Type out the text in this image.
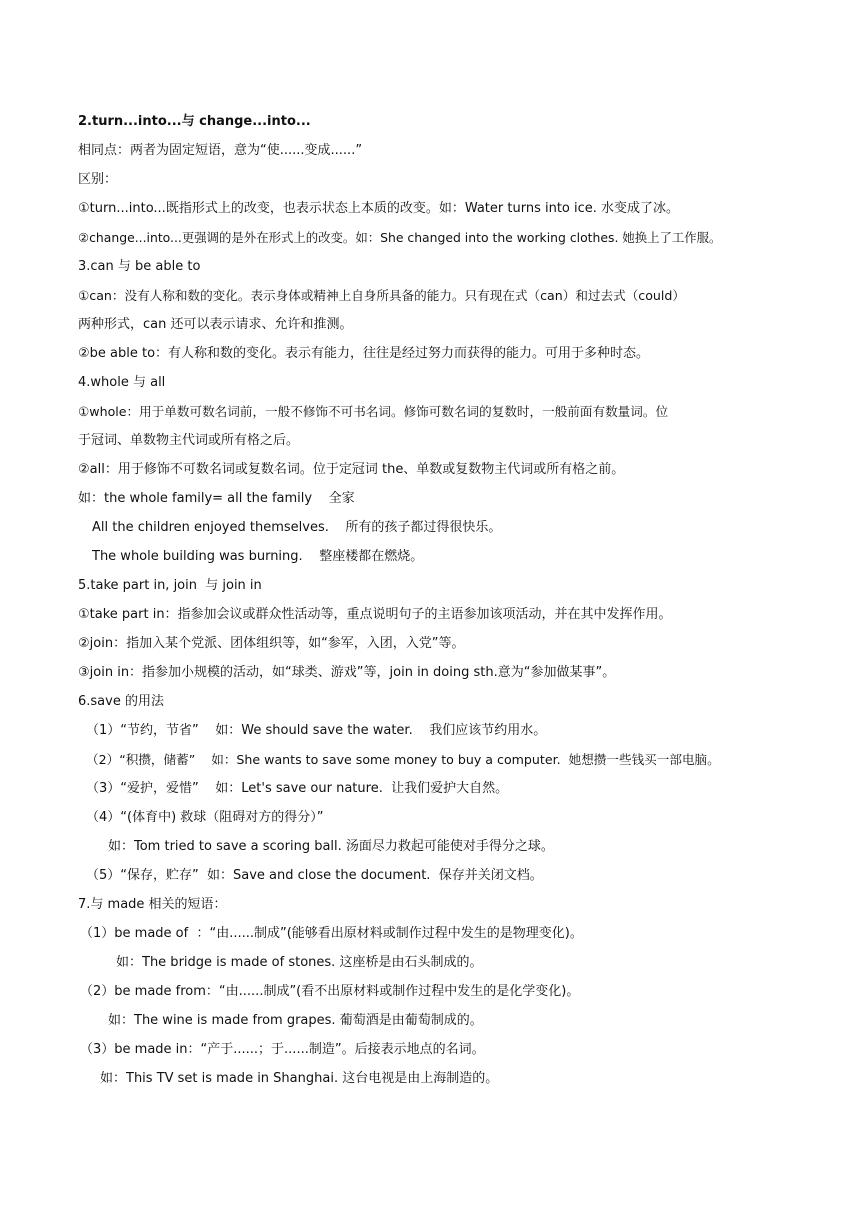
2.turn...into...与 change...into...
相同点：两者为固定短语，意为“使......变成......”
区别：
①turn...into...既指形式上的改变，也表示状态上本质的改变。如：Water turns into ice. 水变成了冰。
②change...into...更强调的是外在形式上的改变。如：She changed into the working clothes. 她换上了工作服。
3.can 与 be able to
①can：没有人称和数的变化。表示身体或精神上自身所具备的能力。只有现在式（can）和过去式（could）
两种形式，can 还可以表示请求、允许和推测。
②be able to：有人称和数的变化。表示有能力，往往是经过努力而获得的能力。可用于多种时态。
4.whole 与 all
①whole：用于单数可数名词前，一般不修饰不可书名词。修饰可数名词的复数时，一般前面有数量词。位
于冠词、单数物主代词或所有格之后。
②all：用于修饰不可数名词或复数名词。位于定冠词 the、单数或复数物主代词或所有格之前。
如：the whole family= all the family    全家
All the children enjoyed themselves.    所有的孩子都过得很快乐。
The whole building was burning.    整座楼都在燃烧。
5.take part in, join  与 join in
①take part in：指参加会议或群众性活动等，重点说明句子的主语参加该项活动，并在其中发挥作用。
②join：指加入某个党派、团体组织等，如“参军，入团，入党”等。
③join in：指参加小规模的活动，如“球类、游戏”等，join in doing sth.意为“参加做某事”。
6.save 的用法
（1）“节约，节省”    如：We should save the water.    我们应该节约用水。
（2）“积攒，储蓄”    如：She wants to save some money to buy a computer.  她想攒一些钱买一部电脑。
（3）“爱护，爱惜”    如：Let's save our nature.  让我们爱护大自然。
（4）“(体育中) 救球（阻碍对方的得分）”
如：Tom tried to save a scoring ball. 汤面尽力救起可能使对手得分之球。
（5）“保存，贮存”  如：Save and close the document.  保存并关闭文档。
7.与 made 相关的短语：
（1）be made of  ：“由......制成”(能够看出原材料或制作过程中发生的是物理变化)。
如：The bridge is made of stones. 这座桥是由石头制成的。
（2）be made from：“由......制成”(看不出原材料或制作过程中发生的是化学变化)。
如：The wine is made from grapes. 葡萄酒是由葡萄制成的。
（3）be made in：“产于......；于......制造”。后接表示地点的名词。
如：This TV set is made in Shanghai. 这台电视是由上海制造的。
